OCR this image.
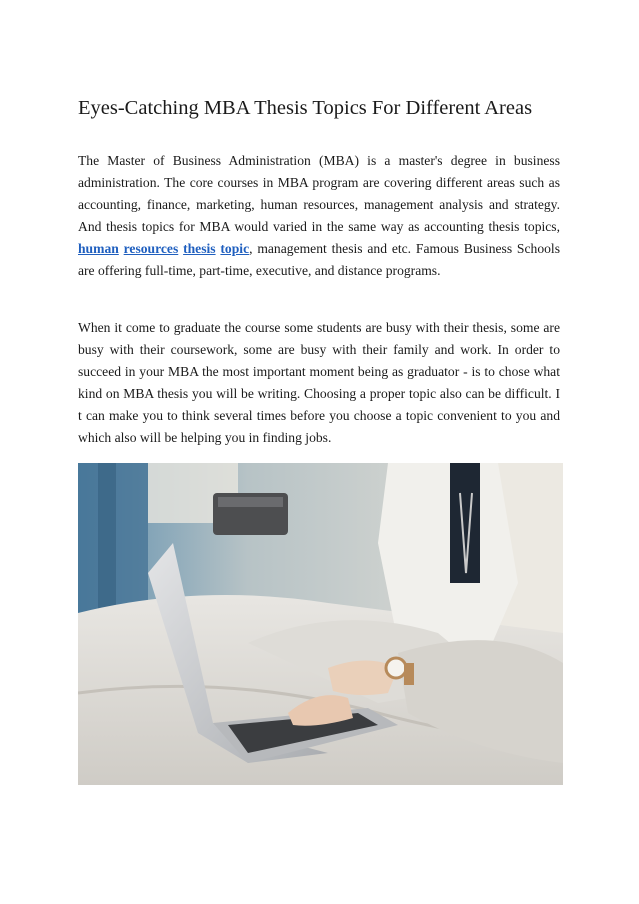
Eyes-Catching MBA Thesis Topics For Different Areas

The Master of Business Administration (MBA) is a master's degree in business administration. The core courses in MBA program are covering different areas such as accounting, finance, marketing, human resources, management analysis and strategy. And thesis topics for MBA would varied in the same way as accounting thesis topics, human resources thesis topic, management thesis and etc. Famous Business Schools are offering full-time, part-time, executive, and distance programs.

When it come to graduate the course some students are busy with their thesis, some are busy with their coursework, some are busy with their family and work. In order to succeed in your MBA the most important moment being as graduator - is to chose what kind on MBA thesis you will be writing. Choosing a proper topic also can be difficult. I t can make you to think several times before you choose a topic convenient to you and which also will be helping you in finding jobs.
